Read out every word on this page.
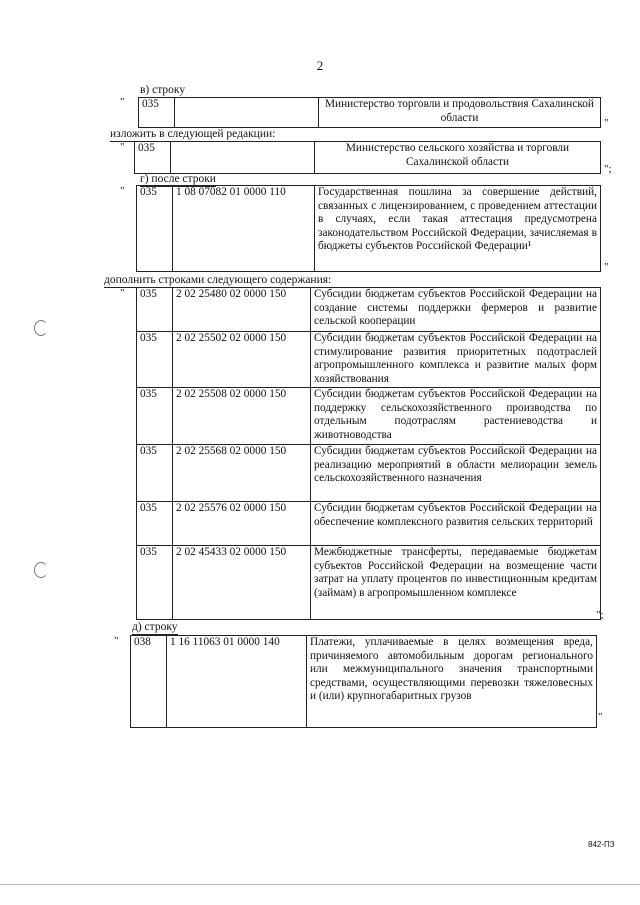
2
в) строку
" 035		Министерство торговли и продовольствия Сахалинской области	"
изложить в следующей редакции:
" 035		Министерство сельского хозяйства и торговли Сахалинской области
";
г) после строки
" 035	1 08 07082 01 0000 110	Государственная пошлина за совершение действий, связанных с лицензированием, с проведением аттестации в случаях, если такая аттестация предусмотрена законодательством Российской Федерации, зачисляемая в бюджеты субъектов Российской Федерации¹
"
дополнить строками следующего содержания:
" 035	2 02 25480 02 0000 150	Субсидии бюджетам субъектов Российской Федерации на создание системы поддержки фермеров и развитие сельской кооперации
035	2 02 25502 02 0000 150	Субсидии бюджетам субъектов Российской Федерации на стимулирование развития приоритетных подотраслей агропромышленного комплекса и развитие малых форм хозяйствования
035	2 02 25508 02 0000 150	Субсидии бюджетам субъектов Российской Федерации на поддержку сельскохозяйственного производства по отдельным подотраслям растениеводства и животноводства
035	2 02 25568 02 0000 150	Субсидии бюджетам субъектов Российской Федерации на реализацию мероприятий в области мелиорации земель сельскохозяйственного назначения
035	2 02 25576 02 0000 150	Субсидии бюджетам субъектов Российской Федерации на обеспечение комплексного развития сельских территорий
035	2 02 45433 02 0000 150	Межбюджетные трансферты, передаваемые бюджетам субъектов Российской Федерации на возмещение части затрат на уплату процентов по инвестиционным кредитам (займам) в агропромышленном комплексе
";
д) строку
" 038	1 16 11063 01 0000 140	Платежи, уплачиваемые в целях возмещения вреда, причиняемого автомобильным дорогам регионального или межмуниципального значения транспортными средствами, осуществляющими перевозки тяжеловесных и (или) крупногабаритных грузов
"
842-ПЗ
